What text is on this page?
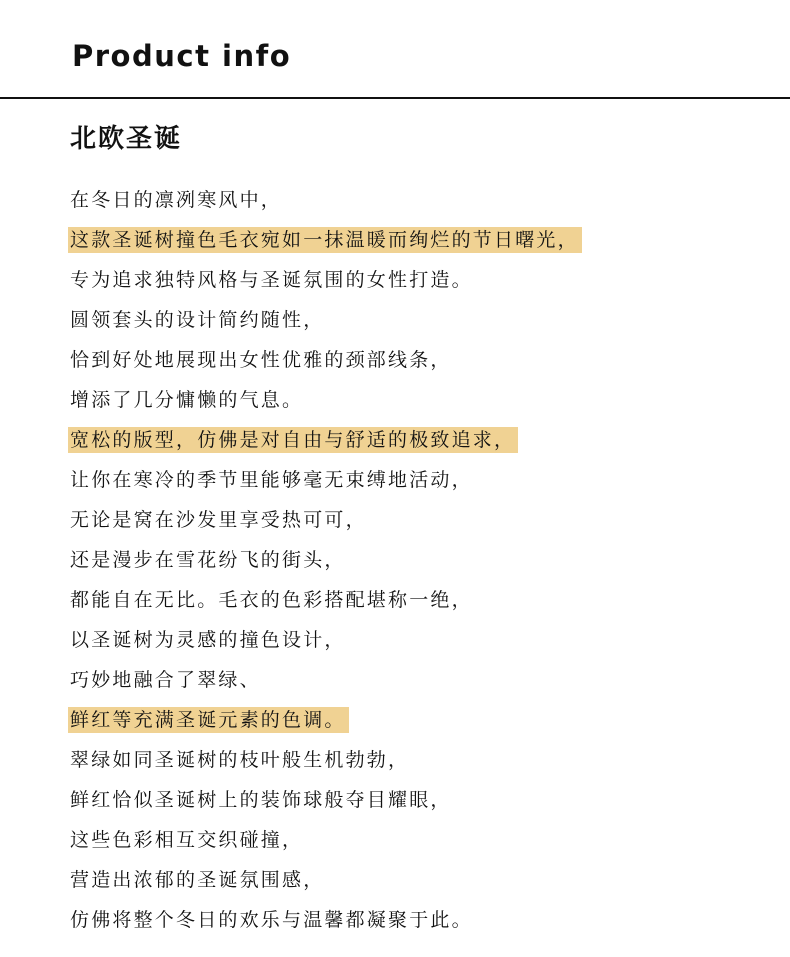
Product info
北欧圣诞
在冬日的凛冽寒风中，
这款圣诞树撞色毛衣宛如一抹温暖而绚烂的节日曙光，
专为追求独特风格与圣诞氛围的女性打造。
圆领套头的设计简约随性，
恰到好处地展现出女性优雅的颈部线条，
增添了几分慵懒的气息。
宽松的版型，仿佛是对自由与舒适的极致追求，
让你在寒冷的季节里能够毫无束缚地活动，
无论是窝在沙发里享受热可可，
还是漫步在雪花纷飞的街头，
都能自在无比。毛衣的色彩搭配堪称一绝，
以圣诞树为灵感的撞色设计，
巧妙地融合了翠绿、
鲜红等充满圣诞元素的色调。
翠绿如同圣诞树的枝叶般生机勃勃，
鲜红恰似圣诞树上的装饰球般夺目耀眼，
这些色彩相互交织碰撞，
营造出浓郁的圣诞氛围感，
仿佛将整个冬日的欢乐与温馨都凝聚于此。
